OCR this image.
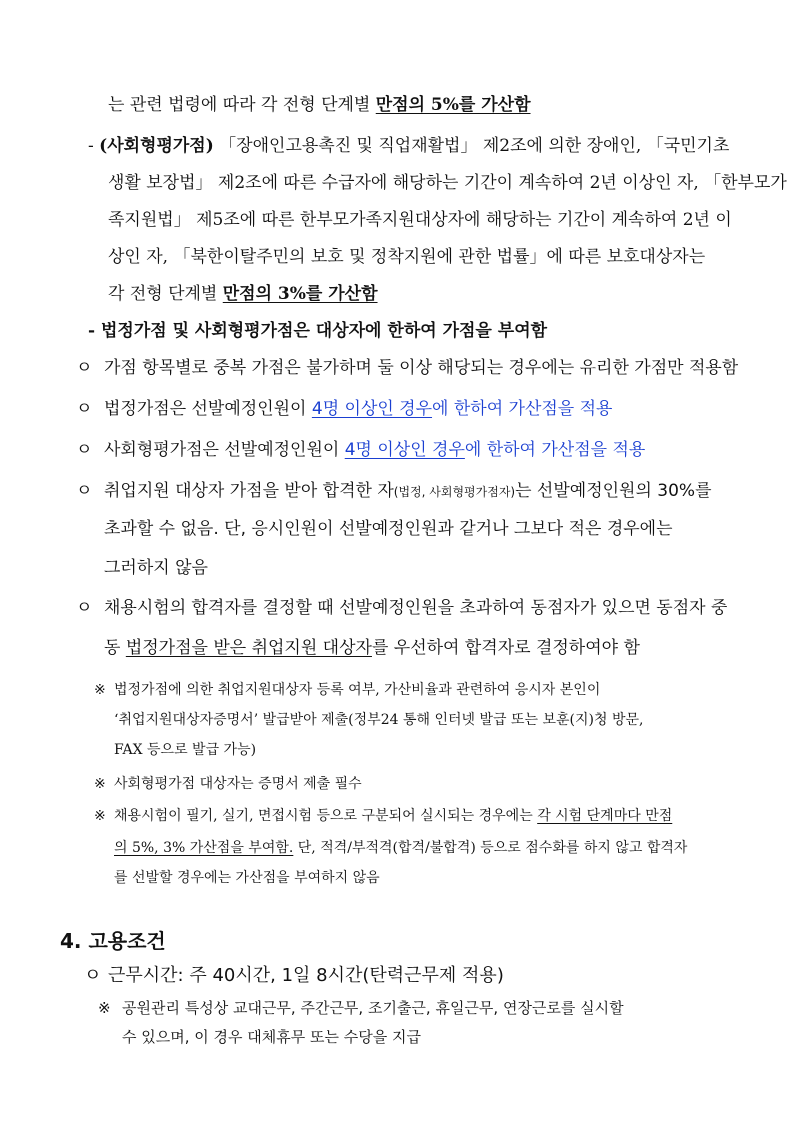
는 관련 법령에 따라 각 전형 단계별 만점의 5%를 가산함
- (사회형평가점) 「장애인고용촉진 및 직업재활법」 제2조에 의한 장애인, 「국민기초
생활 보장법」 제2조에 따른 수급자에 해당하는 기간이 계속하여 2년 이상인 자, 「한부모가
족지원법」 제5조에 따른 한부모가족지원대상자에 해당하는 기간이 계속하여 2년 이
상인 자, 「북한이탈주민의 보호 및 정착지원에 관한 법률」에 따른 보호대상자는
각 전형 단계별 만점의 3%를 가산함
- 법정가점 및 사회형평가점은 대상자에 한하여 가점을 부여함
ㅇ 가점 항목별로 중복 가점은 불가하며 둘 이상 해당되는 경우에는 유리한 가점만 적용함
ㅇ 법정가점은 선발예정인원이 4명 이상인 경우에 한하여 가산점을 적용
ㅇ 사회형평가점은 선발예정인원이 4명 이상인 경우에 한하여 가산점을 적용
ㅇ 취업지원 대상자 가점을 받아 합격한 자(법정, 사회형평가점자)는 선발예정인원의 30%를
초과할 수 없음. 단, 응시인원이 선발예정인원과 같거나 그보다 적은 경우에는
그러하지 않음
ㅇ 채용시험의 합격자를 결정할 때 선발예정인원을 초과하여 동점자가 있으면 동점자 중
동 법정가점을 받은 취업지원 대상자를 우선하여 합격자로 결정하여야 함
※ 법정가점에 의한 취업지원대상자 등록 여부, 가산비율과 관련하여 응시자 본인이
‘취업지원대상자증명서’ 발급받아 제출(정부24 통해 인터넷 발급 또는 보훈(지)청 방문,
FAX 등으로 발급 가능)
※ 사회형평가점 대상자는 증명서 제출 필수
※ 채용시험이 필기, 실기, 면접시험 등으로 구분되어 실시되는 경우에는 각 시험 단계마다 만점
의 5%, 3% 가산점을 부여함. 단, 적격/부적격(합격/불합격) 등으로 점수화를 하지 않고 합격자
를 선발할 경우에는 가산점을 부여하지 않음
4. 고용조건
ㅇ 근무시간: 주 40시간, 1일 8시간(탄력근무제 적용)
※ 공원관리 특성상 교대근무, 주간근무, 조기출근, 휴일근무, 연장근로를 실시할
수 있으며, 이 경우 대체휴무 또는 수당을 지급
